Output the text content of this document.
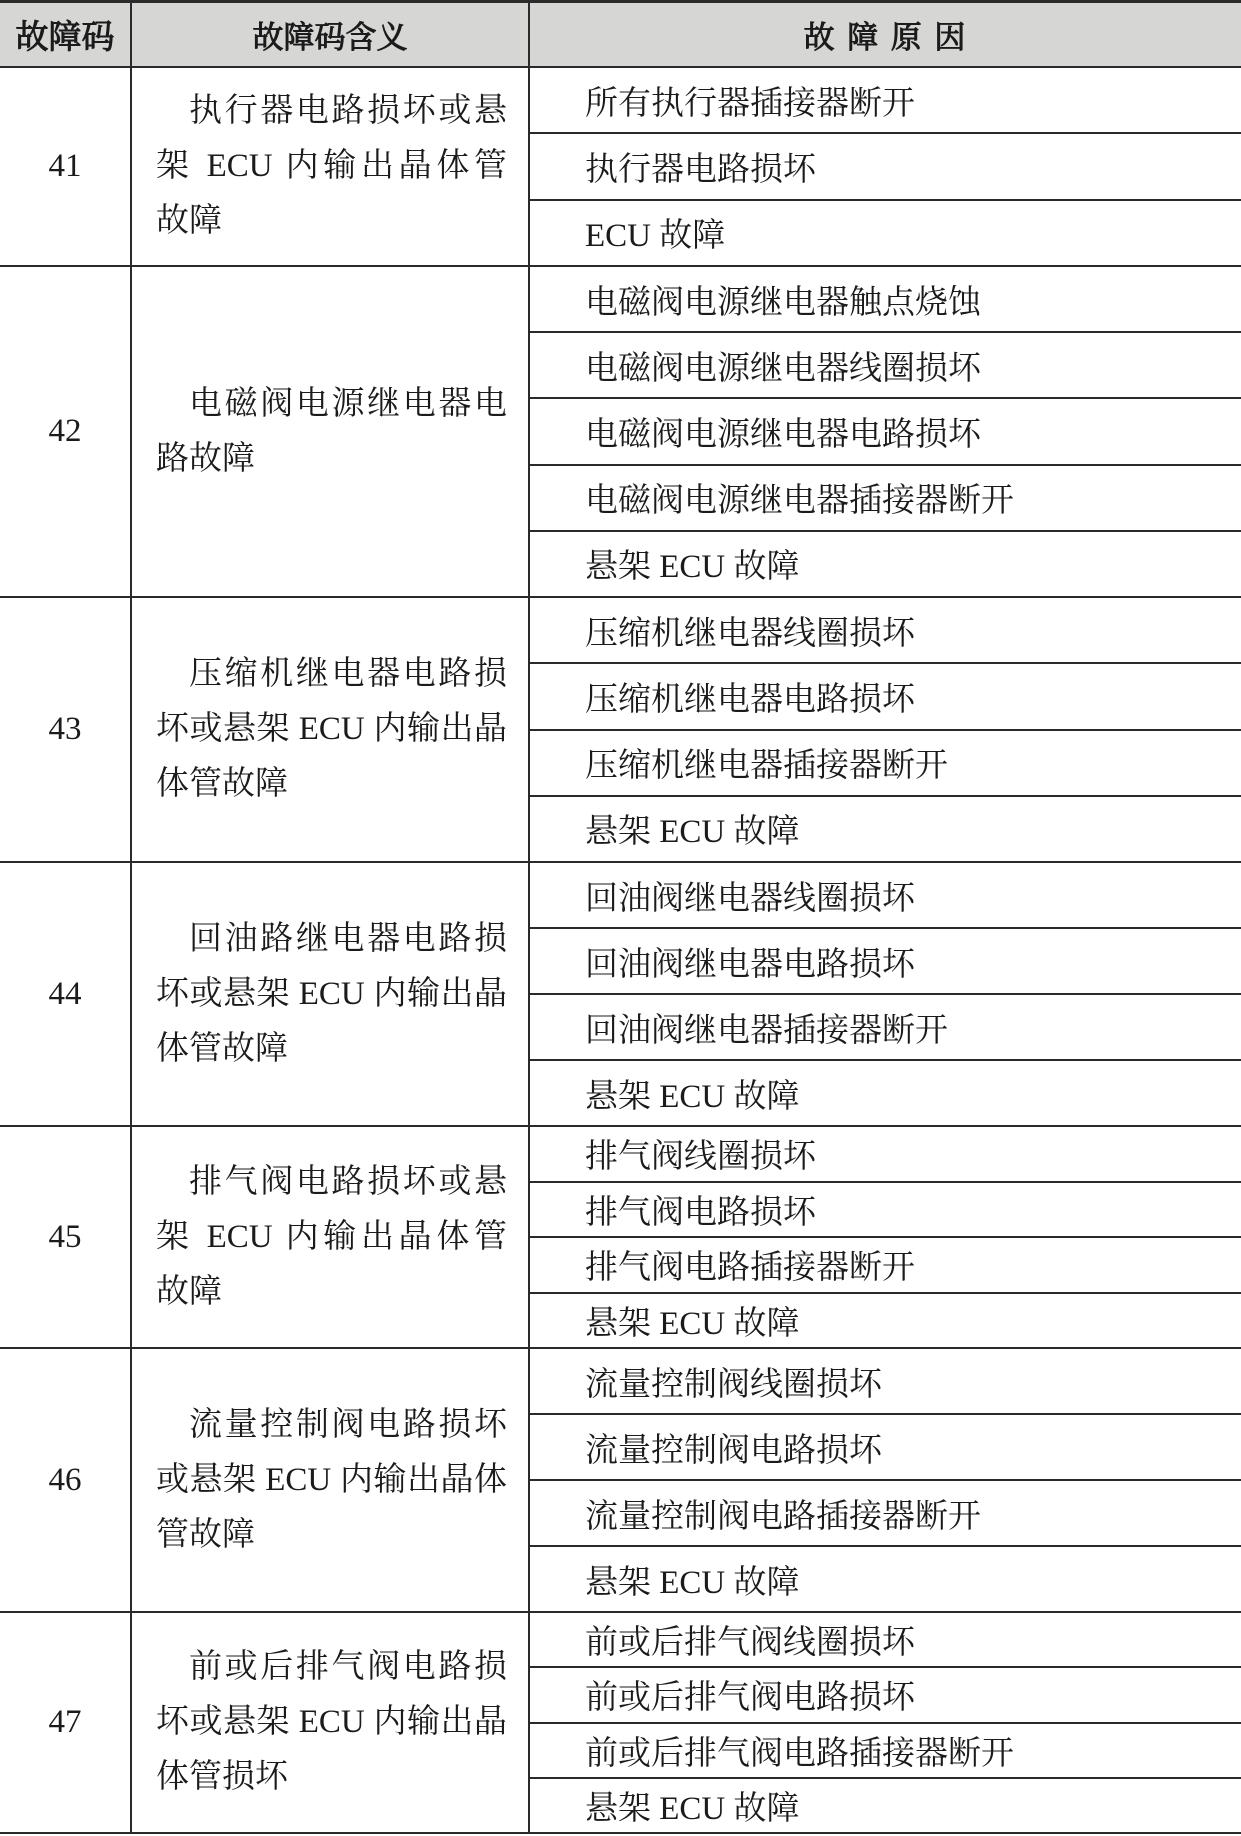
故障码	故障码含义	故 障 原 因
41
执行器电路损坏或悬
架 ECU 内输出晶体管
故障
所有执行器插接器断开
执行器电路损坏
ECU 故障
42
电磁阀电源继电器电
路故障
电磁阀电源继电器触点烧蚀
电磁阀电源继电器线圈损坏
电磁阀电源继电器电路损坏
电磁阀电源继电器插接器断开
悬架 ECU 故障
43
压缩机继电器电路损
坏或悬架 ECU 内输出晶
体管故障
压缩机继电器线圈损坏
压缩机继电器电路损坏
压缩机继电器插接器断开
悬架 ECU 故障
44
回油路继电器电路损
坏或悬架 ECU 内输出晶
体管故障
回油阀继电器线圈损坏
回油阀继电器电路损坏
回油阀继电器插接器断开
悬架 ECU 故障
45
排气阀电路损坏或悬
架 ECU 内输出晶体管
故障
排气阀线圈损坏
排气阀电路损坏
排气阀电路插接器断开
悬架 ECU 故障
46
流量控制阀电路损坏
或悬架 ECU 内输出晶体
管故障
流量控制阀线圈损坏
流量控制阀电路损坏
流量控制阀电路插接器断开
悬架 ECU 故障
47
前或后排气阀电路损
坏或悬架 ECU 内输出晶
体管损坏
前或后排气阀线圈损坏
前或后排气阀电路损坏
前或后排气阀电路插接器断开
悬架 ECU 故障
